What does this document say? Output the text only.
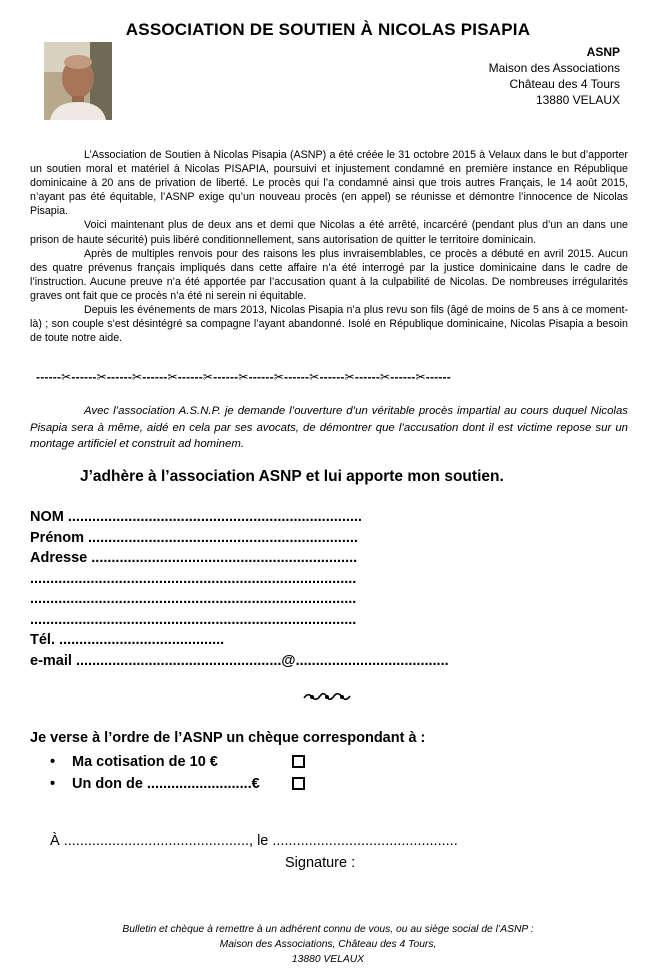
ASSOCIATION DE SOUTIEN À NICOLAS PISAPIA
ASNP
Maison des Associations
Château des 4 Tours
13880 VELAUX

L’Association de Soutien à Nicolas Pisapia (ASNP) a été créée le 31 octobre 2015 à Velaux dans le but d’apporter un soutien moral et matériel à Nicolas PISAPIA, poursuivi et injustement condamné en première instance en République dominicaine à 20 ans de privation de liberté. Le procès qui l’a condamné ainsi que trois autres Français, le 14 août 2015, n’ayant pas été équitable, l’ASNP exige qu’un nouveau procès (en appel) se réunisse et démontre l’innocence de Nicolas Pisapia.

Voici maintenant plus de deux ans et demi que Nicolas a été arrêté, incarcéré (pendant plus d’un an dans une prison de haute sécurité) puis libéré conditionnellement, sans autorisation de quitter le territoire dominicain.

Après de multiples renvois pour des raisons les plus invraisemblables, ce procès a débuté en avril 2015. Aucun des quatre prévenus français impliqués dans cette affaire n’a été interrogé par la justice dominicaine dans le cadre de l’instruction. Aucune preuve n’a été apportée par l’accusation quant à la culpabilité de Nicolas. De nombreuses irrégularités graves ont fait que ce procès n’a été ni serein ni équitable.

Depuis les événements de mars 2013, Nicolas Pisapia n’a plus revu son fils (âgé de moins de 5 ans à ce moment-là) ; son couple s’est désintégré sa compagne l’ayant abandonné. Isolé en République dominicaine, Nicolas Pisapia a besoin de toute notre aide.

------✂------✂------✂------✂------✂------✂------✂------✂------✂------✂------✂------
Avec l’association A.S.N.P. je demande l’ouverture d’un véritable procès impartial au cours duquel Nicolas Pisapia sera à même, aidé en cela par ses avocats, de démontrer que l’accusation dont il est victime repose sur un montage artificiel et construit ad hominem.
J’adhère à l’association ASNP et lui apporte mon soutien.
NOM .........................................................................
Prénom ...................................................................
Adresse ..................................................................
.................................................................................
.................................................................................
.................................................................................
Tél. .........................................
e-mail ...................................................@......................................
Je verse à l’ordre de l’ASNP un chèque correspondant à :
• Ma cotisation de 10 €
• Un don de ..........................€
À .............................................., le ..............................................
Signature :
Bulletin et chèque à remettre à un adhérent connu de vous, ou au siège social de l’ASNP :
Maison des Associations, Château des 4 Tours,
13880 VELAUX
